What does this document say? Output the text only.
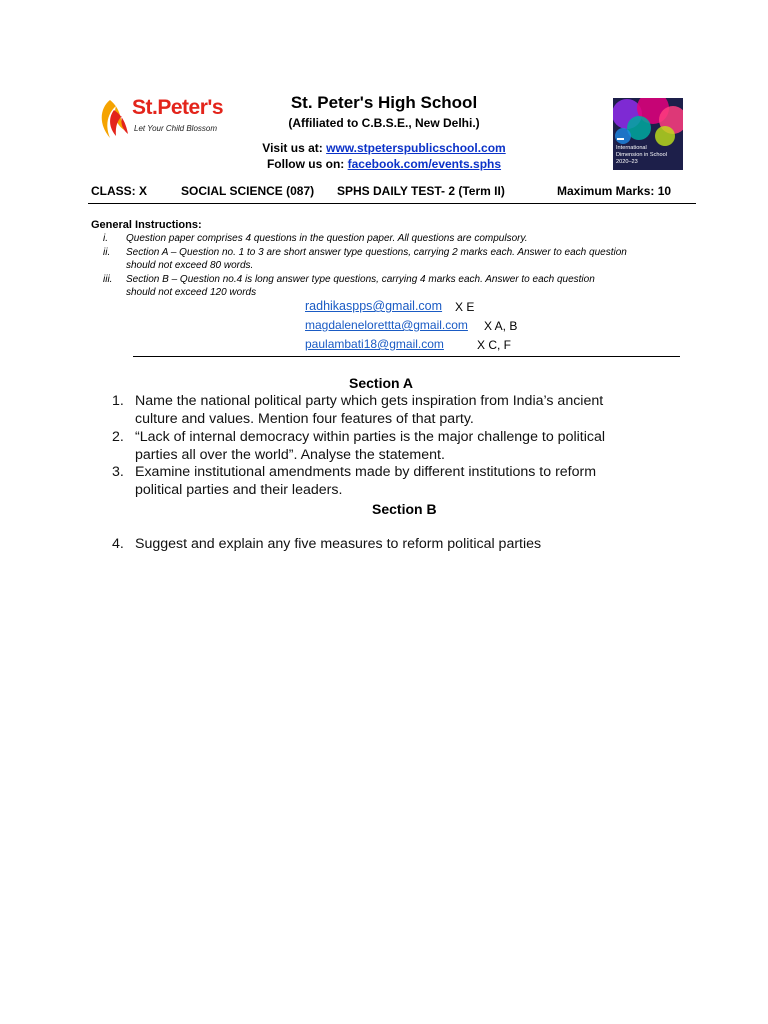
St.Peter's
Let Your Child Blossom
St. Peter's High School
(Affiliated to C.B.S.E., New Delhi.)
Visit us at: www.stpeterspublicschool.com
Follow us on: facebook.com/events.sphs
International
Dimension in School
2020–23
CLASS: X	SOCIAL SCIENCE (087) SPHS DAILY TEST- 2 (Term II)	Maximum Marks: 10
General Instructions:
i. Question paper comprises 4 questions in the question paper. All questions are compulsory.
ii. Section A – Question no. 1 to 3 are short answer type questions, carrying 2 marks each. Answer to each question
should not exceed 80 words.
iii. Section B – Question no.4 is long answer type questions, carrying 4 marks each. Answer to each question
should not exceed 120 words
radhikaspps@gmail.com X E
magdalenelorettta@gmail.com X A, B
paulambati18@gmail.com	X C, F
Section A
1. Name the national political party which gets inspiration from India’s ancient
culture and values. Mention four features of that party.
2. “Lack of internal democracy within parties is the major challenge to political
parties all over the world”. Analyse the statement.
3. Examine institutional amendments made by different institutions to reform
political parties and their leaders.
Section B
4. Suggest and explain any five measures to reform political parties
